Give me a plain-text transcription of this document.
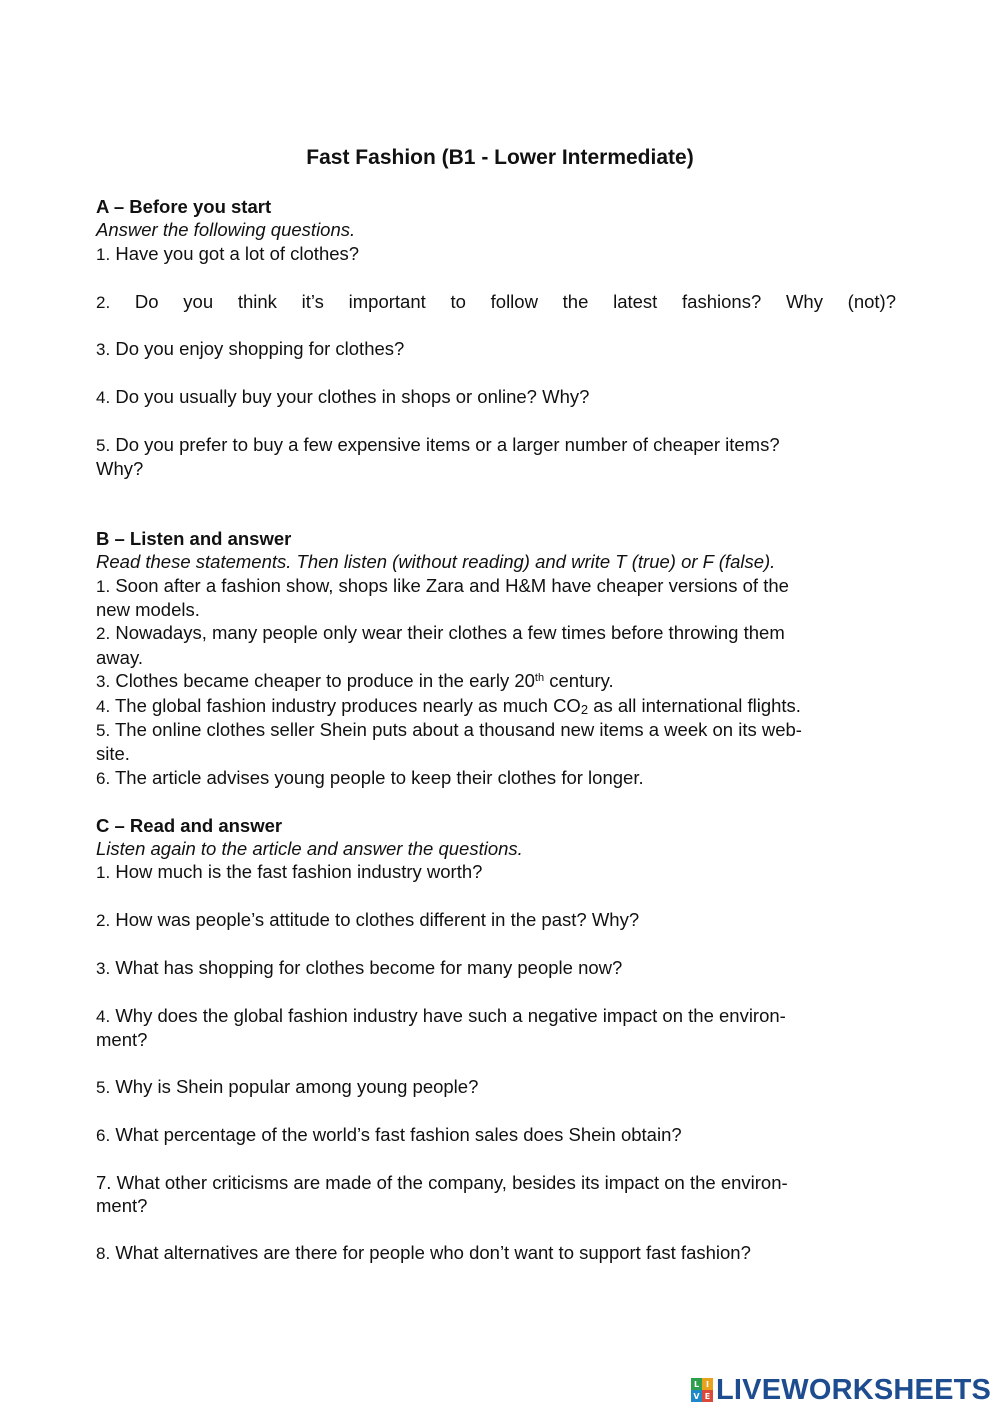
Fast Fashion (B1 - Lower Intermediate)
A – Before you start
Answer the following questions.
1. Have you got a lot of clothes?
2. Do you think it’s important to follow the latest fashions? Why (not)?
3. Do you enjoy shopping for clothes?
4. Do you usually buy your clothes in shops or online? Why?
5. Do you prefer to buy a few expensive items or a larger number of cheaper items?
Why?
B – Listen and answer
Read these statements. Then listen (without reading) and write T (true) or F (false).
1. Soon after a fashion show, shops like Zara and H&M have cheaper versions of the
new models.
2. Nowadays, many people only wear their clothes a few times before throwing them
away.
3. Clothes became cheaper to produce in the early 20th century.
4. The global fashion industry produces nearly as much $CO_2$ as all international flights.
5. The online clothes seller Shein puts about a thousand new items a week on its web-
site.
6. The article advises young people to keep their clothes for longer.
C – Read and answer
Listen again to the article and answer the questions.
1. How much is the fast fashion industry worth?
2. How was people’s attitude to clothes different in the past? Why?
3. What has shopping for clothes become for many people now?
4. Why does the global fashion industry have such a negative impact on the environ-
ment?
5. Why is Shein popular among young people?
6. What percentage of the world’s fast fashion sales does Shein obtain?
7. What other criticisms are made of the company, besides its impact on the environ-
ment?
8. What alternatives are there for people who don’t want to support fast fashion?
L I
V E LIVEWORKSHEETS
